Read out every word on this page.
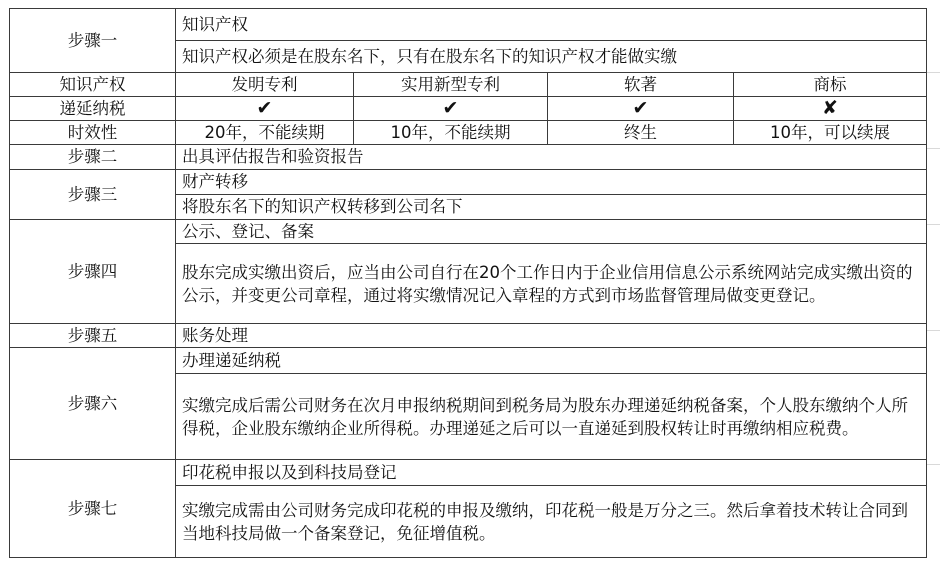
步骤一	知识产权			
	知识产权必须是在股东名下，只有在股东名下的知识产权才能做实缴			
知识产权	发明专利	实用新型专利	软著	商标
递延纳税	✔	✔	✔	✘
时效性	20年，不能续期	10年，不能续期	终生	10年，可以续展
步骤二	出具评估报告和验资报告			
步骤三	财产转移			
	将股东名下的知识产权转移到公司名下			
步骤四	公示、登记、备案			
	股东完成实缴出资后，应当由公司自行在20个工作日内于企业信用信息公示系统网站完成实缴出资的公示，并变更公司章程，通过将实缴情况记入章程的方式到市场监督管理局做变更登记。			
步骤五	账务处理			
步骤六	办理递延纳税			
	实缴完成后需公司财务在次月申报纳税期间到税务局为股东办理递延纳税备案，个人股东缴纳个人所得税，企业股东缴纳企业所得税。办理递延之后可以一直递延到股权转让时再缴纳相应税费。			
步骤七	印花税申报以及到科技局登记			
	实缴完成需由公司财务完成印花税的申报及缴纳，印花税一般是万分之三。然后拿着技术转让合同到当地科技局做一个备案登记，免征增值税。			
